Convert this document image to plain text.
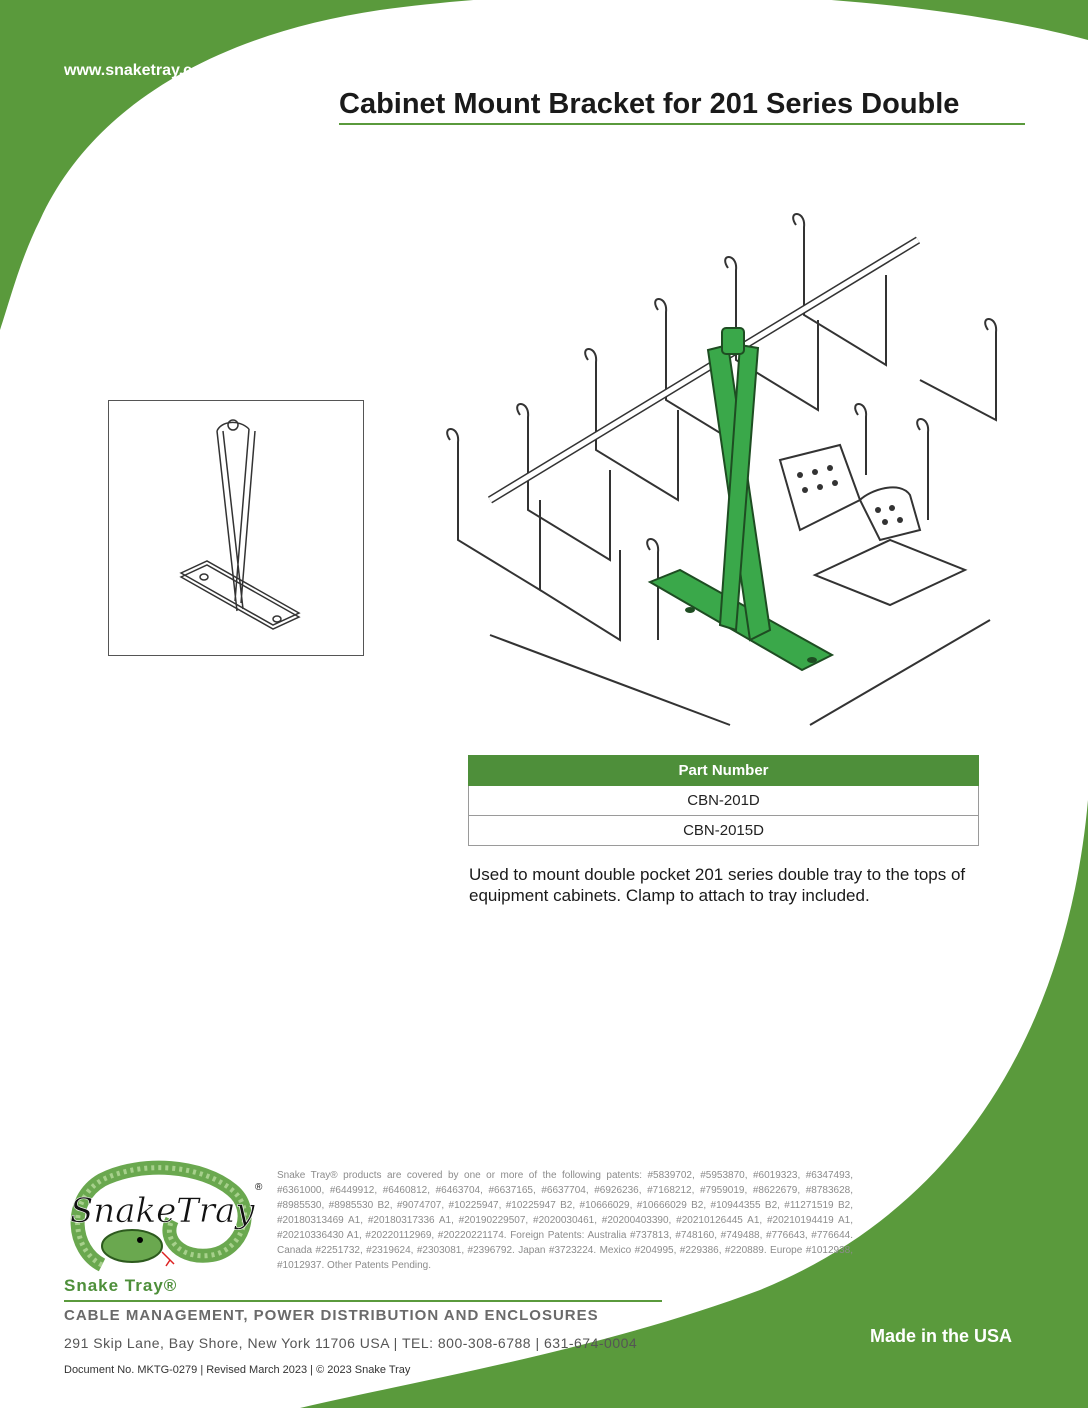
www.snaketray.com
Cabinet Mount Bracket for 201 Series Double
Part Number
CBN-201D
CBN-2015D
Used to mount double pocket 201 series double tray to the tops of equipment cabinets. Clamp to attach to tray included.
SnakeTray
®
Snake Tray® products are covered by one or more of the following patents: #5839702, #5953870, #6019323, #6347493, #6361000, #6449912, #6460812, #6463704, #6637165, #6637704, #6926236, #7168212, #7959019, #8622679, #8783628, #8985530, #8985530 B2, #9074707, #10225947, #10225947 B2, #10666029, #10666029 B2, #10944355 B2, #11271519 B2, #20180313469 A1, #20180317336 A1, #20190229507, #2020030461, #20200403390, #20210126445 A1, #20210194419 A1, #20210336430 A1, #20220112969, #20220221174. Foreign Patents: Australia #737813, #748160, #749488, #776643, #776644. Canada #2251732, #2319624, #2303081, #2396792. Japan #3723224. Mexico #204995, #229386, #220889. Europe #1012938, #1012937. Other Patents Pending.
Snake Tray®
CABLE MANAGEMENT, POWER DISTRIBUTION AND ENCLOSURES
291 Skip Lane, Bay Shore, New York 11706 USA | TEL: 800-308-6788 | 631-674-0004
Document No. MKTG-0279 | Revised March 2023 | © 2023 Snake Tray
Made in the USA
